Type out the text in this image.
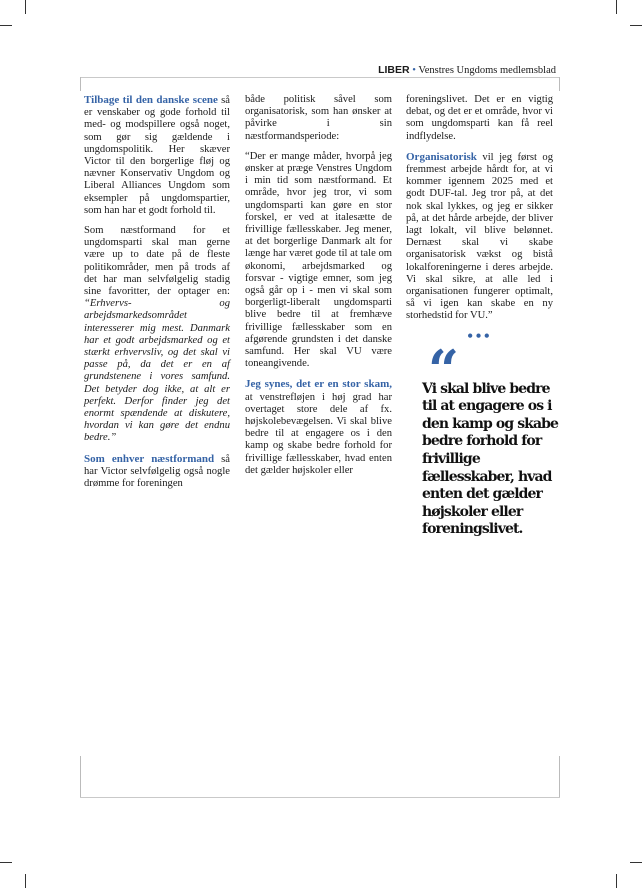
LIBER • Venstres Ungdoms medlemsblad

Tilbage til den danske scene så er venskaber og gode forhold til med- og modspillere også noget, som gør sig gældende i ungdomspolitik. Her skæver Victor til den borgerlige fløj og nævner Konservativ Ungdom og Liberal Alliances Ungdom som eksempler på ungdomspartier, som han har et godt forhold til.

Som næstformand for et ungdomsparti skal man gerne være up to date på de fleste politikområder, men på trods af det har man selvfølgelig stadig sine favoritter, der optager en: “Erhvervs- og arbejdsmarkedsområdet interesserer mig mest. Danmark har et godt arbejdsmarked og et stærkt erhvervsliv, og det skal vi passe på, da det er en af grundstenene i vores samfund. Det betyder dog ikke, at alt er perfekt. Derfor finder jeg det enormt spændende at diskutere, hvordan vi kan gøre det endnu bedre.”

Som enhver næstformand så har Victor selvfølgelig også nogle drømme for foreningen

både politisk såvel som organisatorisk, som han ønsker at påvirke i sin næstformandsperiode:

“Der er mange måder, hvorpå jeg ønsker at præge Venstres Ungdom i min tid som næstformand. Et område, hvor jeg tror, vi som ungdomsparti kan gøre en stor forskel, er ved at italesætte de frivillige fællesskaber. Jeg mener, at det borgerlige Danmark alt for længe har været gode til at tale om økonomi, arbejdsmarked og forsvar - vigtige emner, som jeg også går op i - men vi skal som borgerligt-liberalt ungdomsparti blive bedre til at fremhæve frivillige fællesskaber som en afgørende grundsten i det danske samfund. Her skal VU være toneangivende.

Jeg synes, det er en stor skam, at venstrefløjen i høj grad har overtaget store dele af fx. højskolebevægelsen. Vi skal blive bedre til at engagere os i den kamp og skabe bedre forhold for frivillige fællesskaber, hvad enten det gælder højskoler eller

foreningslivet. Det er en vigtig debat, og det er et område, hvor vi som ungdomsparti kan få reel indflydelse.

Organisatorisk vil jeg først og fremmest arbejde hårdt for, at vi kommer igennem 2025 med et godt DUF-tal. Jeg tror på, at det nok skal lykkes, og jeg er sikker på, at det hårde arbejde, der bliver lagt lokalt, vil blive belønnet. Dernæst skal vi skabe organisatorisk vækst og bistå lokalforeningerne i deres arbejde. Vi skal sikre, at alle led i organisationen fungerer optimalt, så vi igen kan skabe en ny storhedstid for VU.”

•••
“
Vi skal blive bedre til at engagere os i den kamp og skabe bedre forhold for frivillige fællesskaber, hvad enten det gælder højskoler eller foreningslivet.
